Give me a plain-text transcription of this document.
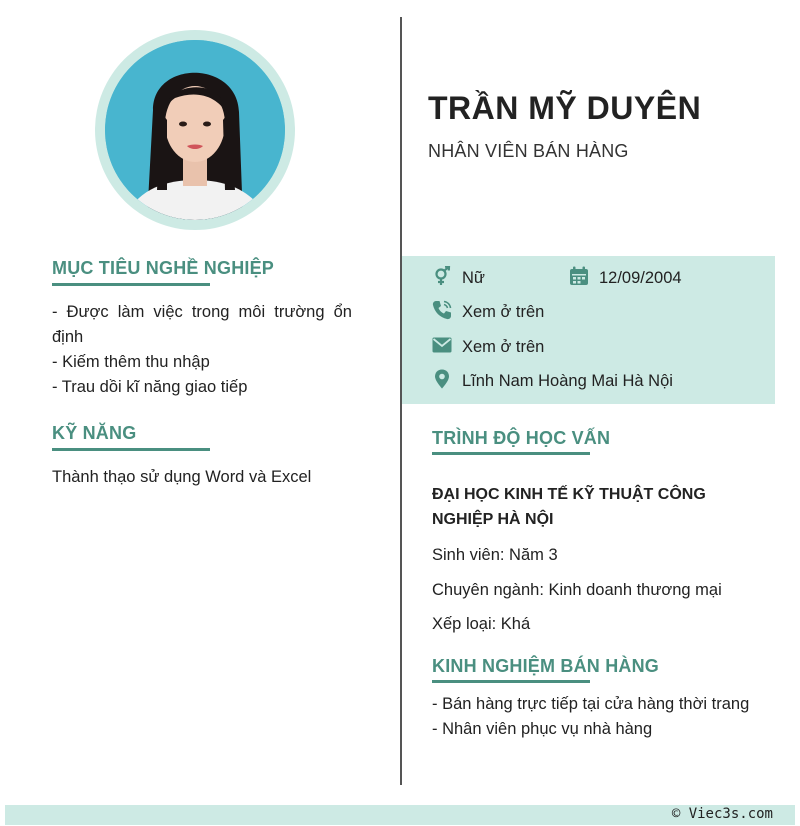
MỤC TIÊU NGHỀ NGHIỆP
- Được làm việc trong môi trường ổn định
- Kiếm thêm thu nhập
- Trau dồi kĩ năng giao tiếp
KỸ NĂNG
Thành thạo sử dụng Word và Excel
TRẦN MỸ DUYÊN
NHÂN VIÊN BÁN HÀNG
Nữ	12/09/2004
Xem ở trên
Xem ở trên
Lĩnh Nam Hoàng Mai Hà Nội
TRÌNH ĐỘ HỌC VẤN
ĐẠI HỌC KINH TẾ KỸ THUẬT CÔNG NGHIỆP HÀ NỘI
Sinh viên: Năm 3
Chuyên ngành: Kinh doanh thương mại
Xếp loại: Khá
KINH NGHIỆM BÁN HÀNG
- Bán hàng trực tiếp tại cửa hàng thời trang
- Nhân viên phục vụ nhà hàng
© Viec3s.com
